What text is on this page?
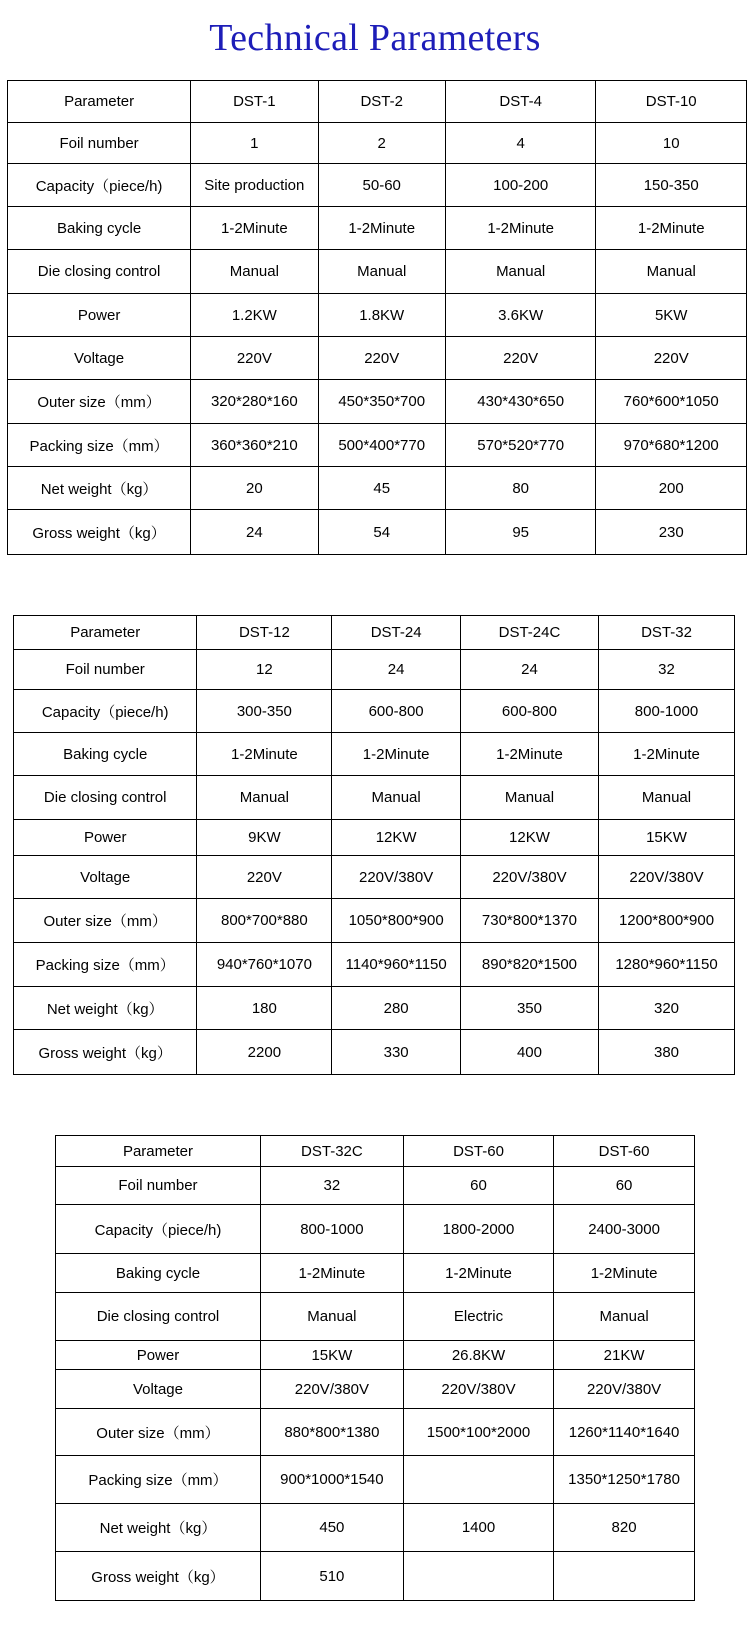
Technical Parameters
Parameter	DST-1	DST-2	DST-4	DST-10
Foil number	1	2	4	10
Capacity（piece/h)	Site production	50-60	100-200	150-350
Baking cycle	1-2Minute	1-2Minute	1-2Minute	1-2Minute
Die closing control	Manual	Manual	Manual	Manual
Power	1.2KW	1.8KW	3.6KW	5KW
Voltage	220V	220V	220V	220V
Outer size（mm）	320*280*160	450*350*700	430*430*650	760*600*1050
Packing size（mm）	360*360*210	500*400*770	570*520*770	970*680*1200
Net weight（kg）	20	45	80	200
Gross weight（kg）	24	54	95	230
Parameter	DST-12	DST-24	DST-24C	DST-32
Foil number	12	24	24	32
Capacity（piece/h)	300-350	600-800	600-800	800-1000
Baking cycle	1-2Minute	1-2Minute	1-2Minute	1-2Minute
Die closing control	Manual	Manual	Manual	Manual
Power	9KW	12KW	12KW	15KW
Voltage	220V	220V/380V	220V/380V	220V/380V
Outer size（mm）	800*700*880	1050*800*900	730*800*1370	1200*800*900
Packing size（mm）	940*760*1070	1140*960*1150	890*820*1500	1280*960*1150
Net weight（kg）	180	280	350	320
Gross weight（kg）	2200	330	400	380
Parameter	DST-32C	DST-60	DST-60
Foil number	32	60	60
Capacity（piece/h)	800-1000	1800-2000	2400-3000
Baking cycle	1-2Minute	1-2Minute	1-2Minute
Die closing control	Manual	Electric	Manual
Power	15KW	26.8KW	21KW
Voltage	220V/380V	220V/380V	220V/380V
Outer size（mm）	880*800*1380	1500*100*2000	1260*1140*1640
Packing size（mm）	900*1000*1540		1350*1250*1780
Net weight（kg）	450	1400	820
Gross weight（kg）	510		
